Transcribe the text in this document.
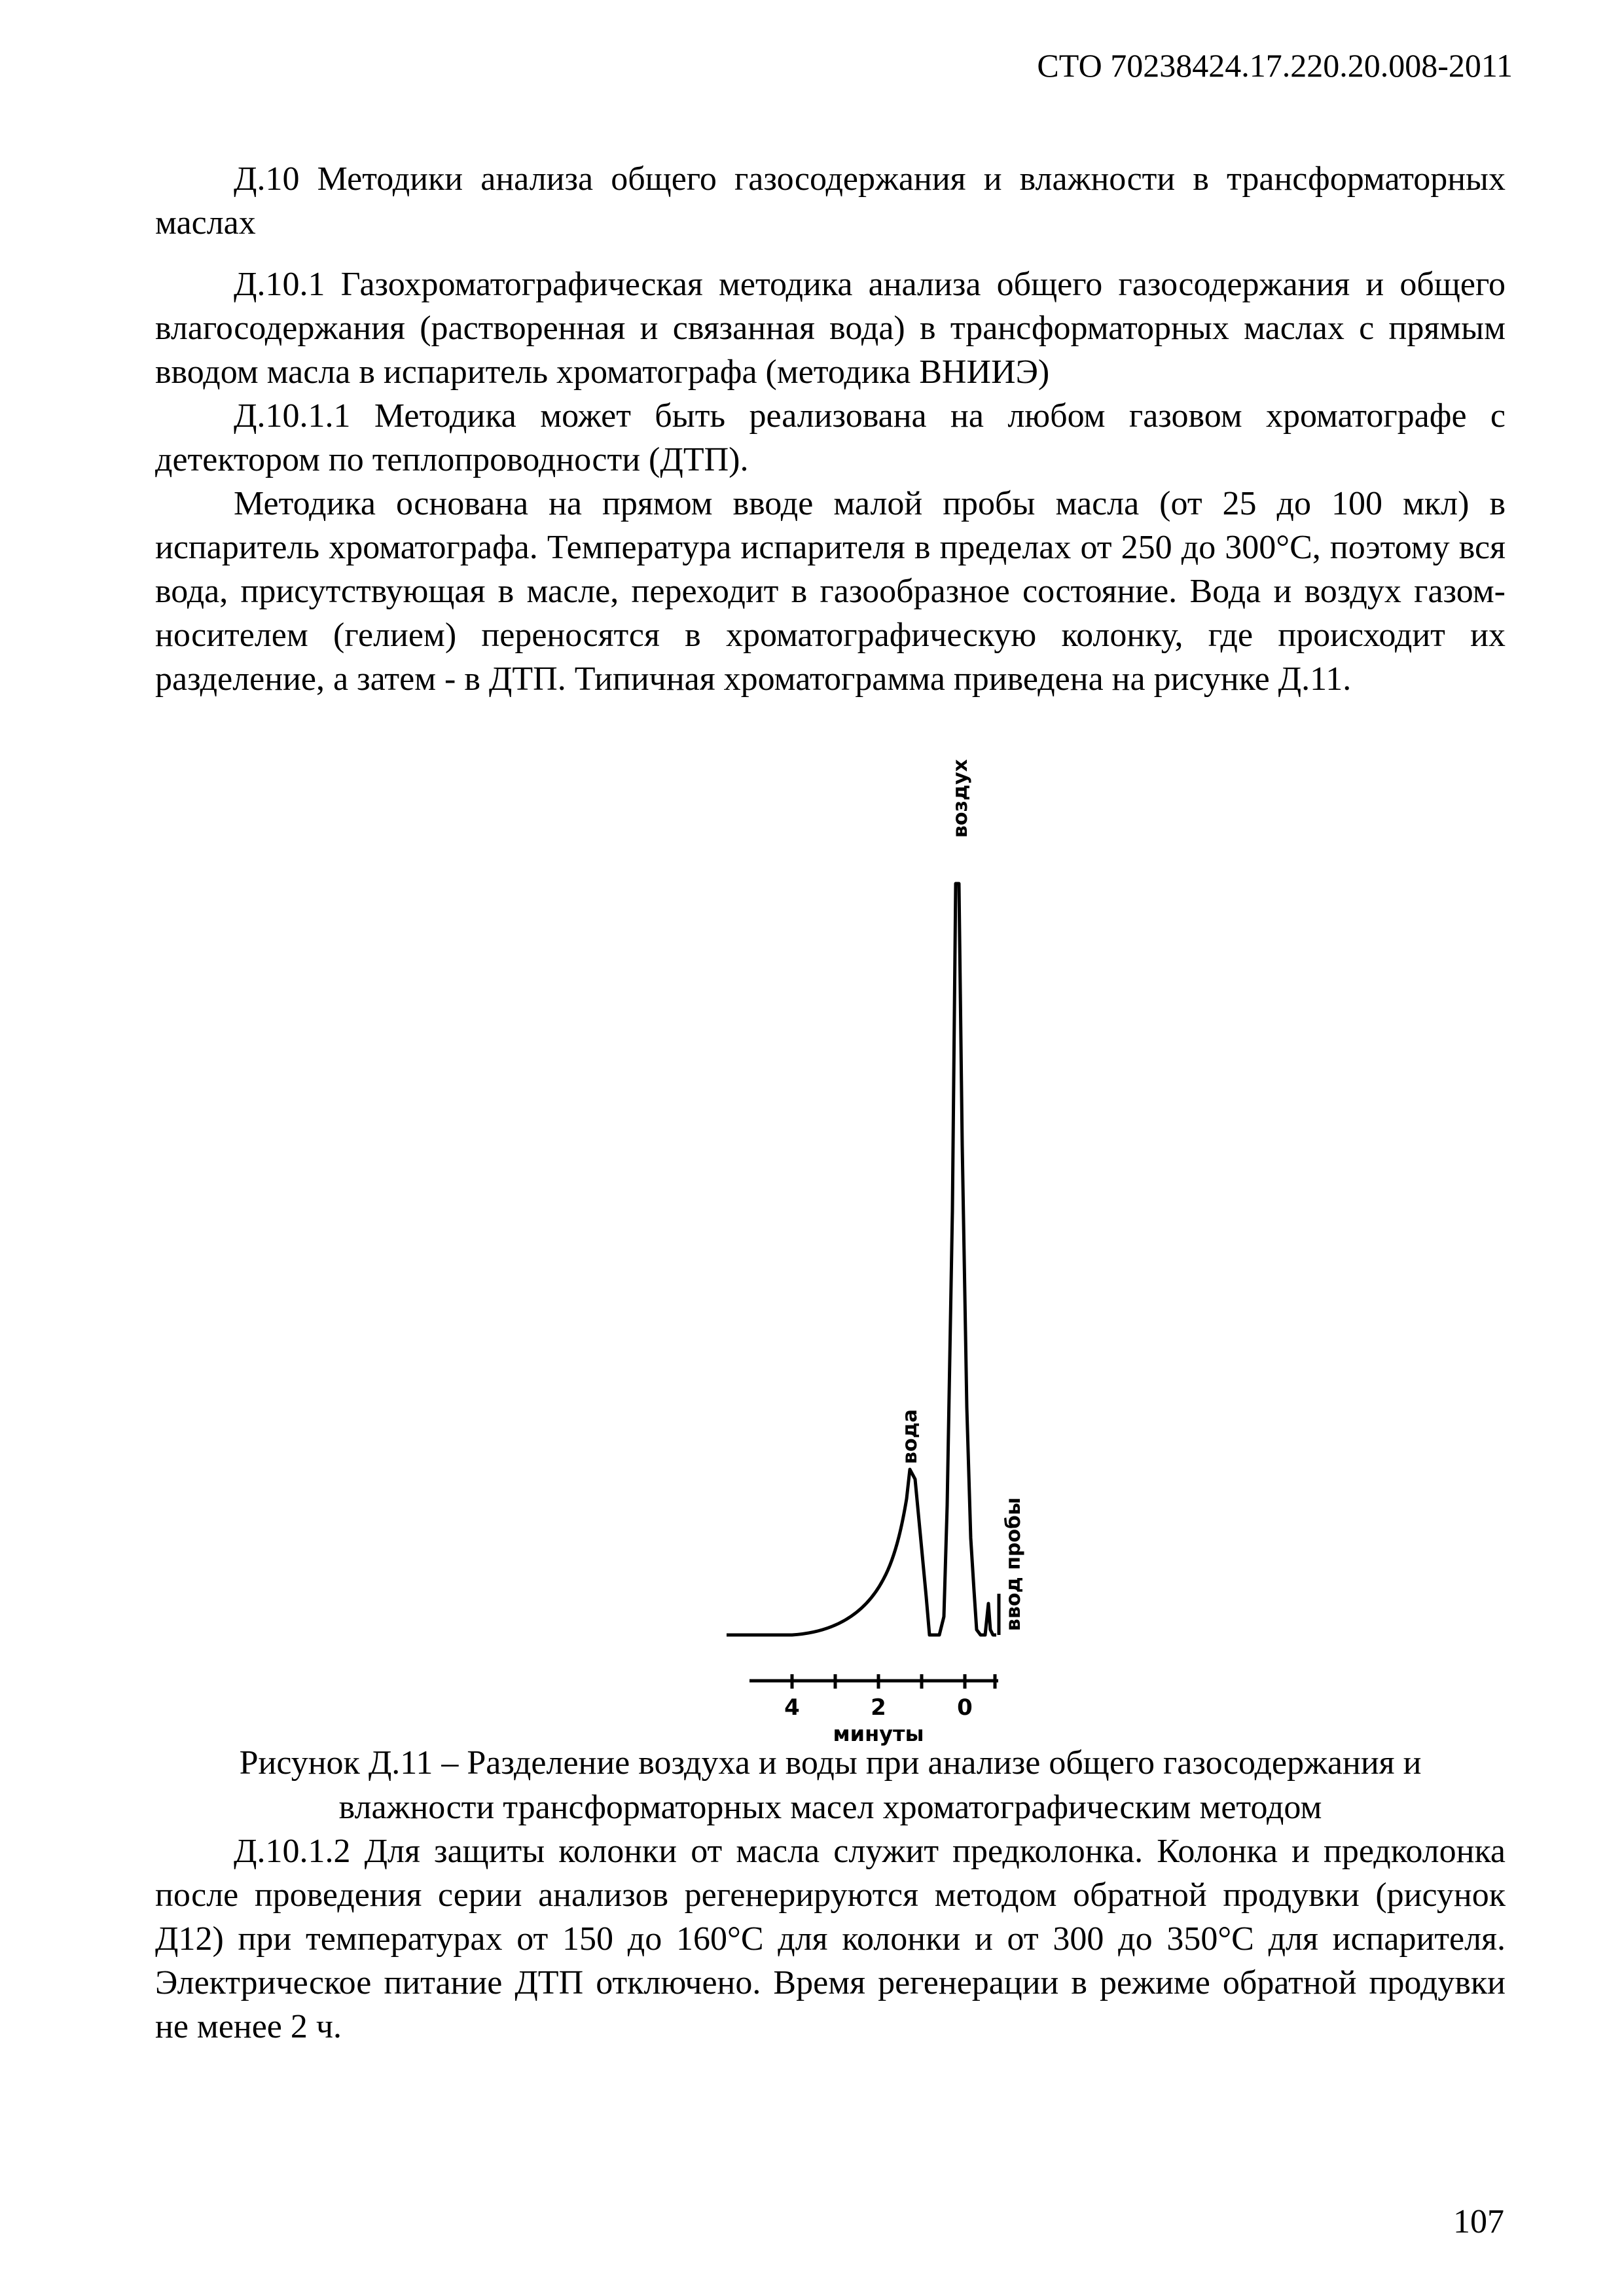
СТО 70238424.17.220.20.008-2011

Д.10 Методики анализа общего газосодержания и влажности в трансформаторных маслах

Д.10.1 Газохроматографическая методика анализа общего газосодержания и общего влагосодержания (растворенная и связанная вода) в трансформаторных маслах с прямым вводом масла в испаритель хроматографа (методика ВНИИЭ)

Д.10.1.1 Методика может быть реализована на любом газовом хроматографе с детектором по теплопроводности (ДТП).

Методика основана на прямом вводе малой пробы масла (от 25 до 100 мкл) в испаритель хроматографа. Температура испарителя в пределах от 250 до 300°С, поэтому вся вода, присутствующая в масле, переходит в газообразное состояние. Вода и воздух газом-носителем (гелием) переносятся в хроматографическую колонку, где происходит их разделение, а затем - в ДТП. Типичная хроматограмма приведена на рисунке Д.11.

воздух
вода
ввод пробы
4	2	0
минуты

Рисунок Д.11 – Разделение воздуха и воды при анализе общего газосодержания и

влажности трансформаторных масел хроматографическим методом

Д.10.1.2 Для защиты колонки от масла служит предколонка. Колонка и предколонка после проведения серии анализов регенерируются методом обратной продувки (рисунок Д12) при температурах от 150 до 160°С для колонки и от 300 до 350°С для испарителя. Электрическое питание ДТП отключено. Время регенерации в режиме обратной продувки не менее 2 ч.

107
